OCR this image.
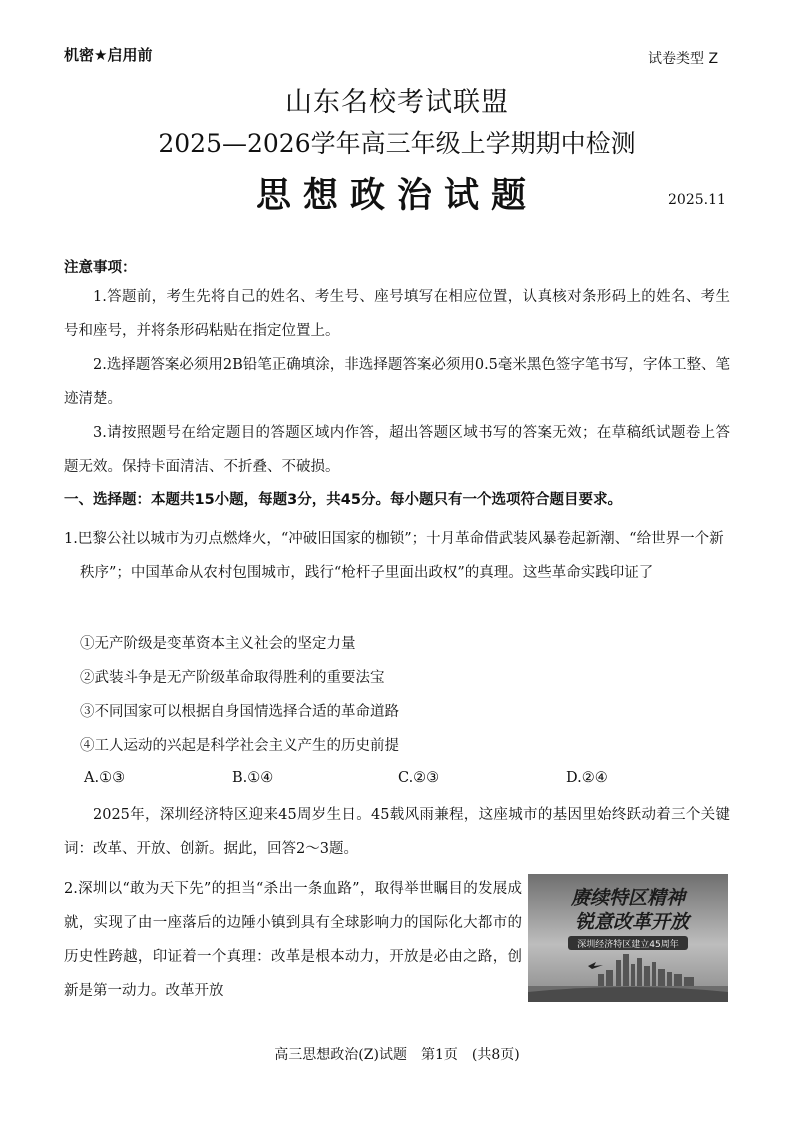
机密★启用前	试卷类型 Z
山东名校考试联盟
2025—2026学年高三年级上学期期中检测
思想政治试题	2025.11
注意事项：
1.答题前，考生先将自己的姓名、考生号、座号填写在相应位置，认真核对条形码上的姓名、考生号和座号，并将条形码粘贴在指定位置上。
2.选择题答案必须用2B铅笔正确填涂，非选择题答案必须用0.5毫米黑色签字笔书写，字体工整、笔迹清楚。
3.请按照题号在给定题目的答题区域内作答，超出答题区域书写的答案无效；在草稿纸试题卷上答题无效。保持卡面清洁、不折叠、不破损。
一、选择题：本题共15小题，每题3分，共45分。每小题只有一个选项符合题目要求。
1.巴黎公社以城市为刃点燃烽火，“冲破旧国家的枷锁”；十月革命借武装风暴卷起新潮、“给世界一个新秩序”；中国革命从农村包围城市，践行“枪杆子里面出政权”的真理。这些革命实践印证了
①无产阶级是变革资本主义社会的坚定力量
②武装斗争是无产阶级革命取得胜利的重要法宝
③不同国家可以根据自身国情选择合适的革命道路
④工人运动的兴起是科学社会主义产生的历史前提
A.①③	B.①④	C.②③	D.②④
2025年，深圳经济特区迎来45周岁生日。45载风雨兼程，这座城市的基因里始终跃动着三个关键词：改革、开放、创新。据此，回答2～3题。
2.深圳以“敢为天下先”的担当“杀出一条血路”，取得举世瞩目的发展成就，实现了由一座落后的边陲小镇到具有全球影响力的国际化大都市的历史性跨越，印证着一个真理：改革是根本动力，开放是必由之路，创新是第一动力。改革开放
赓续特区精神
锐意改革开放
深圳经济特区建立45周年
高三思想政治(Z)试题　第1页　(共8页)
